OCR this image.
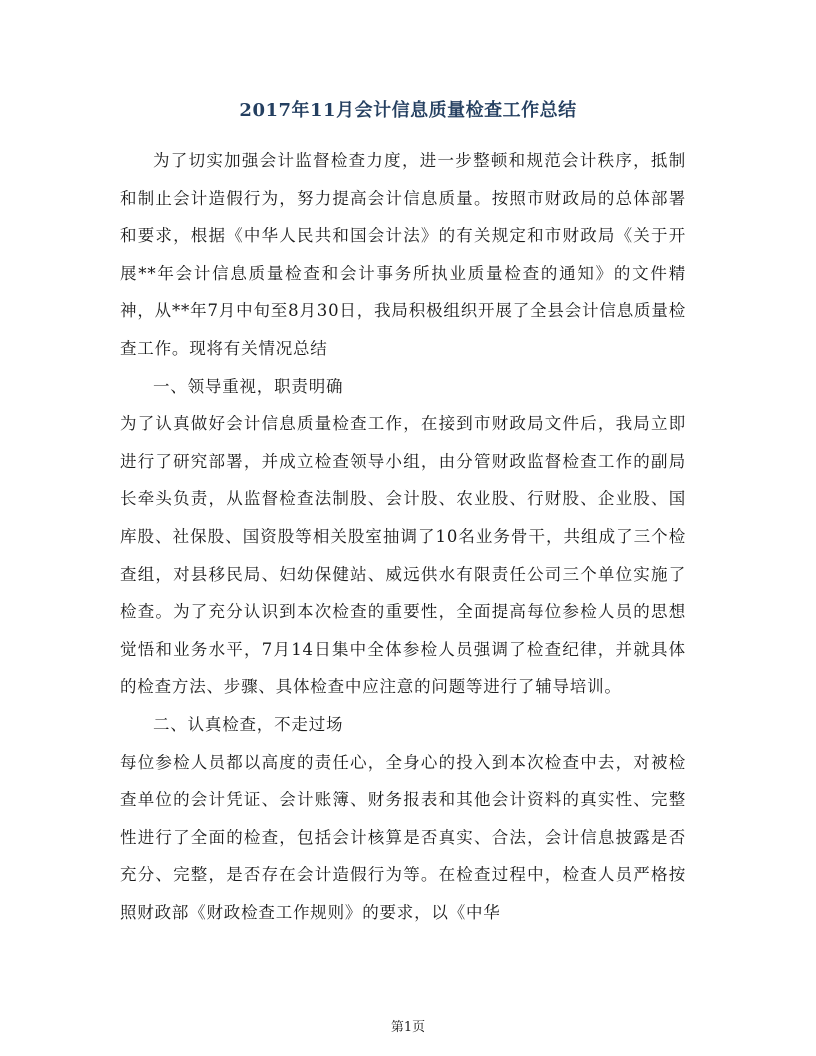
2017年11月会计信息质量检查工作总结

为了切实加强会计监督检查力度，进一步整顿和规范会计秩序，抵制和制止会计造假行为，努力提高会计信息质量。按照市财政局的总体部署和要求，根据《中华人民共和国会计法》的有关规定和市财政局《关于开展**年会计信息质量检查和会计事务所执业质量检查的通知》的文件精神，从**年7月中旬至8月30日，我局积极组织开展了全县会计信息质量检查工作。现将有关情况总结

一、领导重视，职责明确

为了认真做好会计信息质量检查工作，在接到市财政局文件后，我局立即进行了研究部署，并成立检查领导小组，由分管财政监督检查工作的副局长牵头负责，从监督检查法制股、会计股、农业股、行财股、企业股、国库股、社保股、国资股等相关股室抽调了10名业务骨干，共组成了三个检查组，对县移民局、妇幼保健站、威远供水有限责任公司三个单位实施了检查。为了充分认识到本次检查的重要性，全面提高每位参检人员的思想觉悟和业务水平，7月14日集中全体参检人员强调了检查纪律，并就具体的检查方法、步骤、具体检查中应注意的问题等进行了辅导培训。

二、认真检查，不走过场

每位参检人员都以高度的责任心，全身心的投入到本次检查中去，对被检查单位的会计凭证、会计账簿、财务报表和其他会计资料的真实性、完整性进行了全面的检查，包括会计核算是否真实、合法，会计信息披露是否充分、完整，是否存在会计造假行为等。在检查过程中，检查人员严格按照财政部《财政检查工作规则》的要求，以《中华

第1页
